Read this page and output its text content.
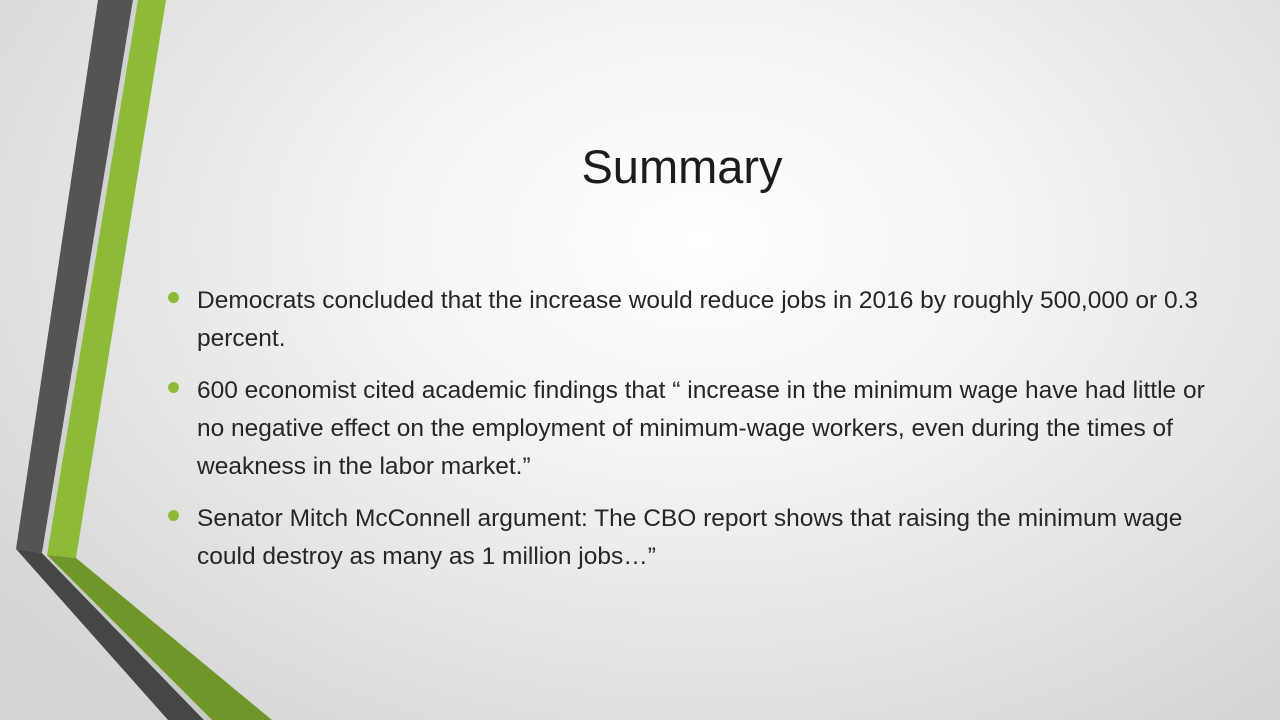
Summary
Democrats concluded that the increase would reduce jobs in 2016 by roughly 500,000 or 0.3 percent.
600 economist cited academic findings that “ increase in the minimum wage have had little or no negative effect on the employment of minimum-wage workers, even during the times of weakness in the labor market.”
Senator Mitch McConnell argument: The CBO report shows that raising the minimum wage could destroy as many as 1 million jobs…”
